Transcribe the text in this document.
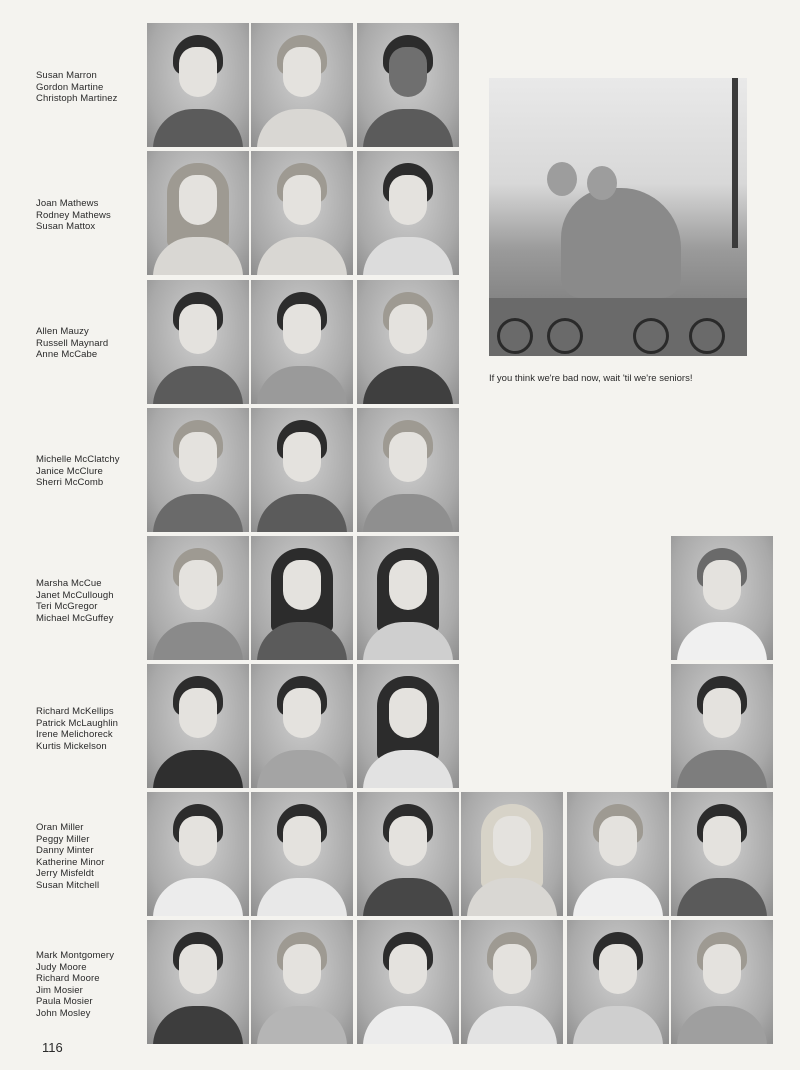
Susan Marron
Gordon Martine
Christoph Martinez
Joan Mathews
Rodney Mathews
Susan Mattox
Allen Mauzy
Russell Maynard
Anne McCabe
Michelle McClatchy
Janice McClure
Sherri McComb
Marsha McCue
Janet McCullough
Teri McGregor
Michael McGuffey
Richard McKellips
Patrick McLaughlin
Irene Melichoreck
Kurtis Mickelson
Oran Miller
Peggy Miller
Danny Minter
Katherine Minor
Jerry Misfeldt
Susan Mitchell
Mark Montgomery
Judy Moore
Richard Moore
Jim Mosier
Paula Mosier
John Mosley
If you think we're bad now, wait 'til we're seniors!
116
